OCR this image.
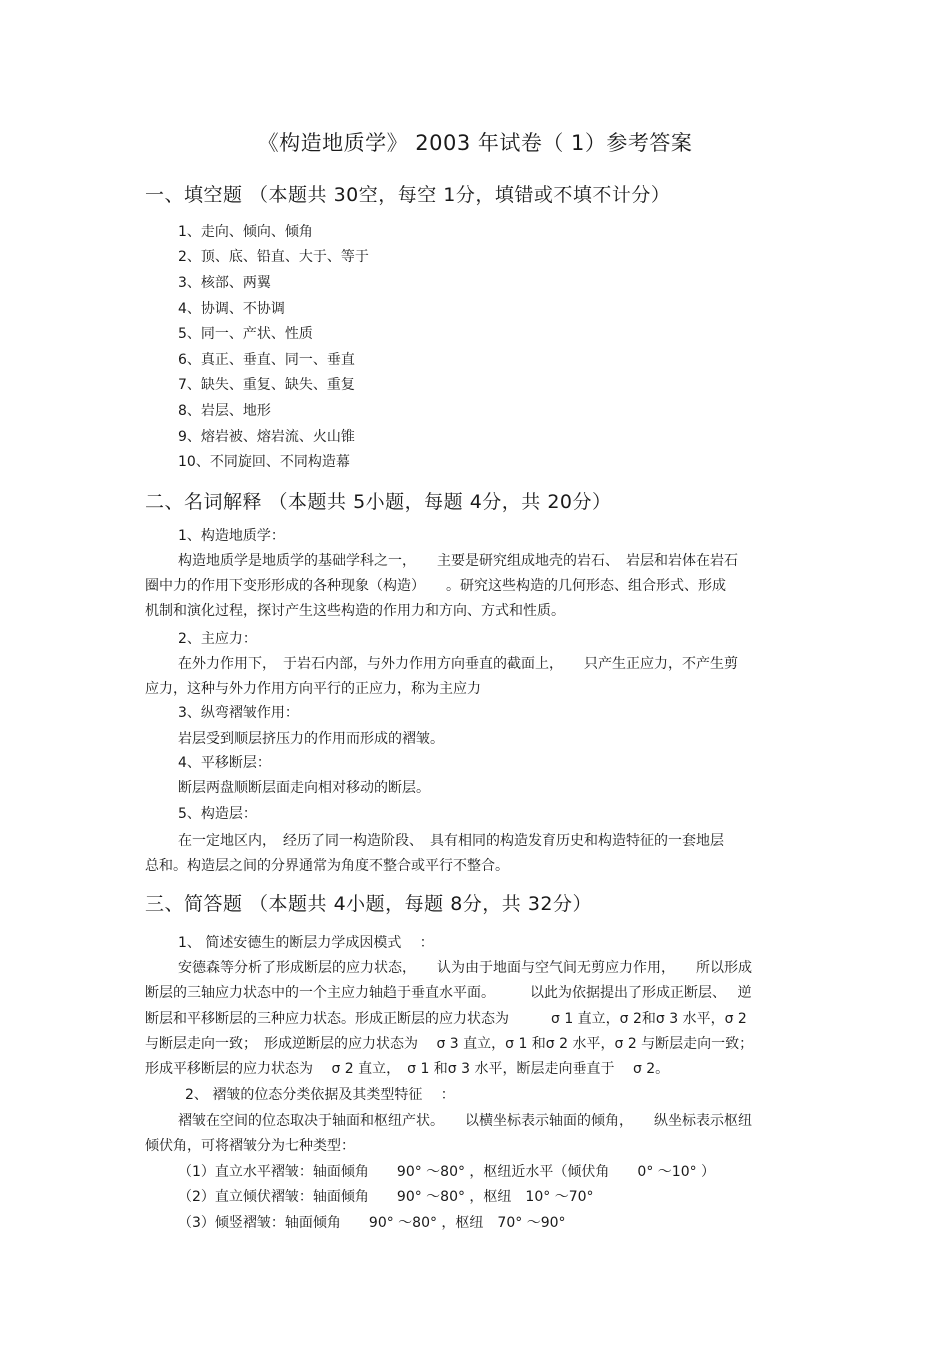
《构造地质学》 2003 年试卷（ 1）参考答案
一、填空题 （本题共 30空，每空 1分，填错或不填不计分）
1、走向、倾向、倾角
2、顶、底、铅直、大于、等于
3、核部、两翼
4、协调、不协调
5、同一、产状、性质
6、真正、垂直、同一、垂直
7、缺失、重复、缺失、重复
8、岩层、地形
9、熔岩被、熔岩流、火山锥
10、不同旋回、不同构造幕
二、名词解释 （本题共 5小题，每题 4分，共 20分）
1、构造地质学：
构造地质学是地质学的基础学科之一，　　主要是研究组成地壳的岩石、　岩层和岩体在岩石
圈中力的作用下变形形成的各种现象（构造）　　。研究这些构造的几何形态、组合形式、形成
机制和演化过程，探讨产生这些构造的作用力和方向、方式和性质。
2、主应力：
在外力作用下，　于岩石内部，与外力作用方向垂直的截面上，　　只产生正应力，不产生剪
应力，这种与外力作用方向平行的正应力，称为主应力
3、纵弯褶皱作用：
岩层受到顺层挤压力的作用而形成的褶皱。
4、平移断层：
断层两盘顺断层面走向相对移动的断层。
5、构造层：
在一定地区内，　经历了同一构造阶段、　具有相同的构造发育历史和构造特征的一套地层
总和。构造层之间的分界通常为角度不整合或平行不整合。
三、简答题 （本题共 4小题，每题 8分，共 32分）
1、 简述安德生的断层力学成因模式　 ：
安德森等分析了形成断层的应力状态，　　认为由于地面与空气间无剪应力作用，　　所以形成
断层的三轴应力状态中的一个主应力轴趋于垂直水平面。　　　以此为依据提出了形成正断层、　 逆
断层和平移断层的三种应力状态。形成正断层的应力状态为　　　σ 1 直立，σ 2和σ 3 水平，σ 2
与断层走向一致；　形成逆断层的应力状态为　 σ 3 直立，σ 1 和σ 2 水平，σ 2 与断层走向一致；
形成平移断层的应力状态为　 σ 2 直立，　σ 1 和σ 3 水平，断层走向垂直于　 σ 2。
2、 褶皱的位态分类依据及其类型特征　 ：
褶皱在空间的位态取决于轴面和枢纽产状。　　以横坐标表示轴面的倾角，　　纵坐标表示枢纽
倾伏角，可将褶皱分为七种类型：
（1）直立水平褶皱：轴面倾角　　90° ～80° ，枢纽近水平（倾伏角　　0° ～10° ）
（2）直立倾伏褶皱：轴面倾角　　90° ～80° ，枢纽　10° ～70°
（3）倾竖褶皱：轴面倾角　　90° ～80° ，枢纽　70° ～90°
